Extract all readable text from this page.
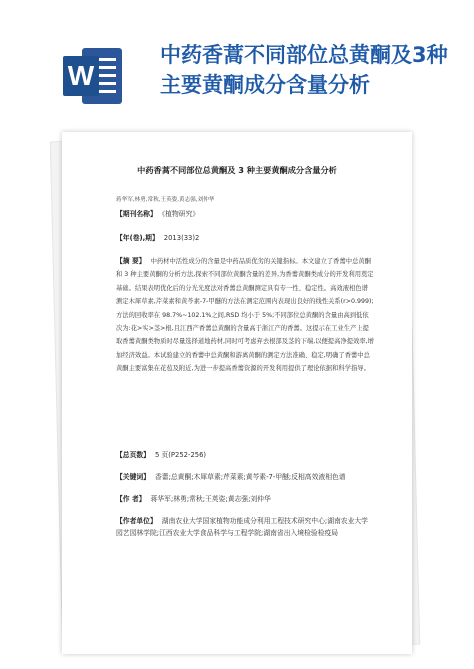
W
中药香蒿不同部位总黄酮及3种主要黄酮成分含量分析
中药香蒿不同部位总黄酮及 3 种主要黄酮成分含量分析
蒋华军,林勇,常秋,王英姿,黄志强,刘仲华
【期刊名称】 《植物研究》
【年(卷),期】 2013(33)2
【摘 要】 中药材中活性成分的含量是中药品质优劣的关键指标。本文建立了香薷中总黄酮和 3 种主要黄酮的分析方法,探索不同部位黄酮含量的差异,为香薷黄酮类成分的开发利用奠定基础。结果表明优化后的分光光度法对香薷总黄酮测定具有专一性、稳定性。高效液相色谱测定木犀草素,芹菜素和黄芩素-7-甲醚的方法在测定范围内表现出良好的线性关系(r>0.999);方法的回收率在 98.7%~102.1%之间,RSD 均小于 5%;不同部位总黄酮的含量由高到低依次为:花>实>茎>根,且江西产香薷总黄酮的含量高于浙江产的香薷。这提示在工业生产上提取香薷黄酮类物质时尽量选择道地药材,同时可考虑弃去根部及茎的下端,以便提高净提效率,增加经济效益。本试验建立的香薷中总黄酮和游离黄酮的测定方法准确、稳定,明确了香薷中总黄酮主要富集在花苞及附近,为进一步提高香薷资源的开发利用提供了理论依据和科学指导。
【总页数】 5 页(P252-256)
【关键词】 香薷;总黄酮;木犀草素;芹菜素;黄芩素-7-甲醚;反相高效液相色谱
【作 者】 蒋华军;林勇;常秋;王英姿;黄志强;刘仲华
【作者单位】 湖南农业大学国家植物功能成分利用工程技术研究中心;湖南农业大学园艺园林学院;江西农业大学食品科学与工程学院;湖南省出入境检验检疫局
